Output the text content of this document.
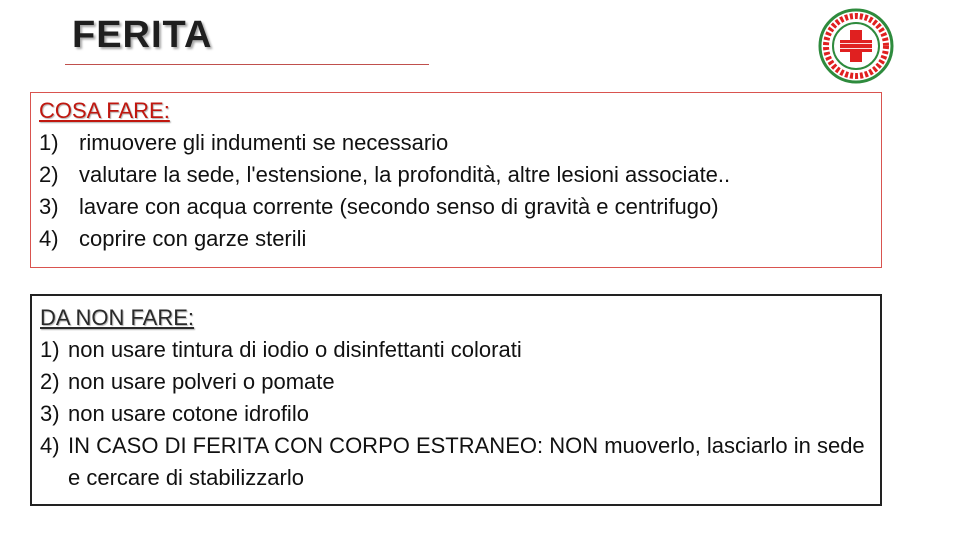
FERITA
COSA FARE:
1) rimuovere gli indumenti se necessario
2) valutare la sede, l'estensione, la profondità, altre lesioni associate..
3) lavare con acqua corrente (secondo senso di gravità e centrifugo)
4) coprire con garze sterili
DA NON FARE:
1) non usare tintura di iodio o disinfettanti colorati
2) non usare polveri o pomate
3) non usare cotone idrofilo
4) IN CASO DI FERITA CON CORPO ESTRANEO: NON muoverlo, lasciarlo in sede e cercare di stabilizzarlo
